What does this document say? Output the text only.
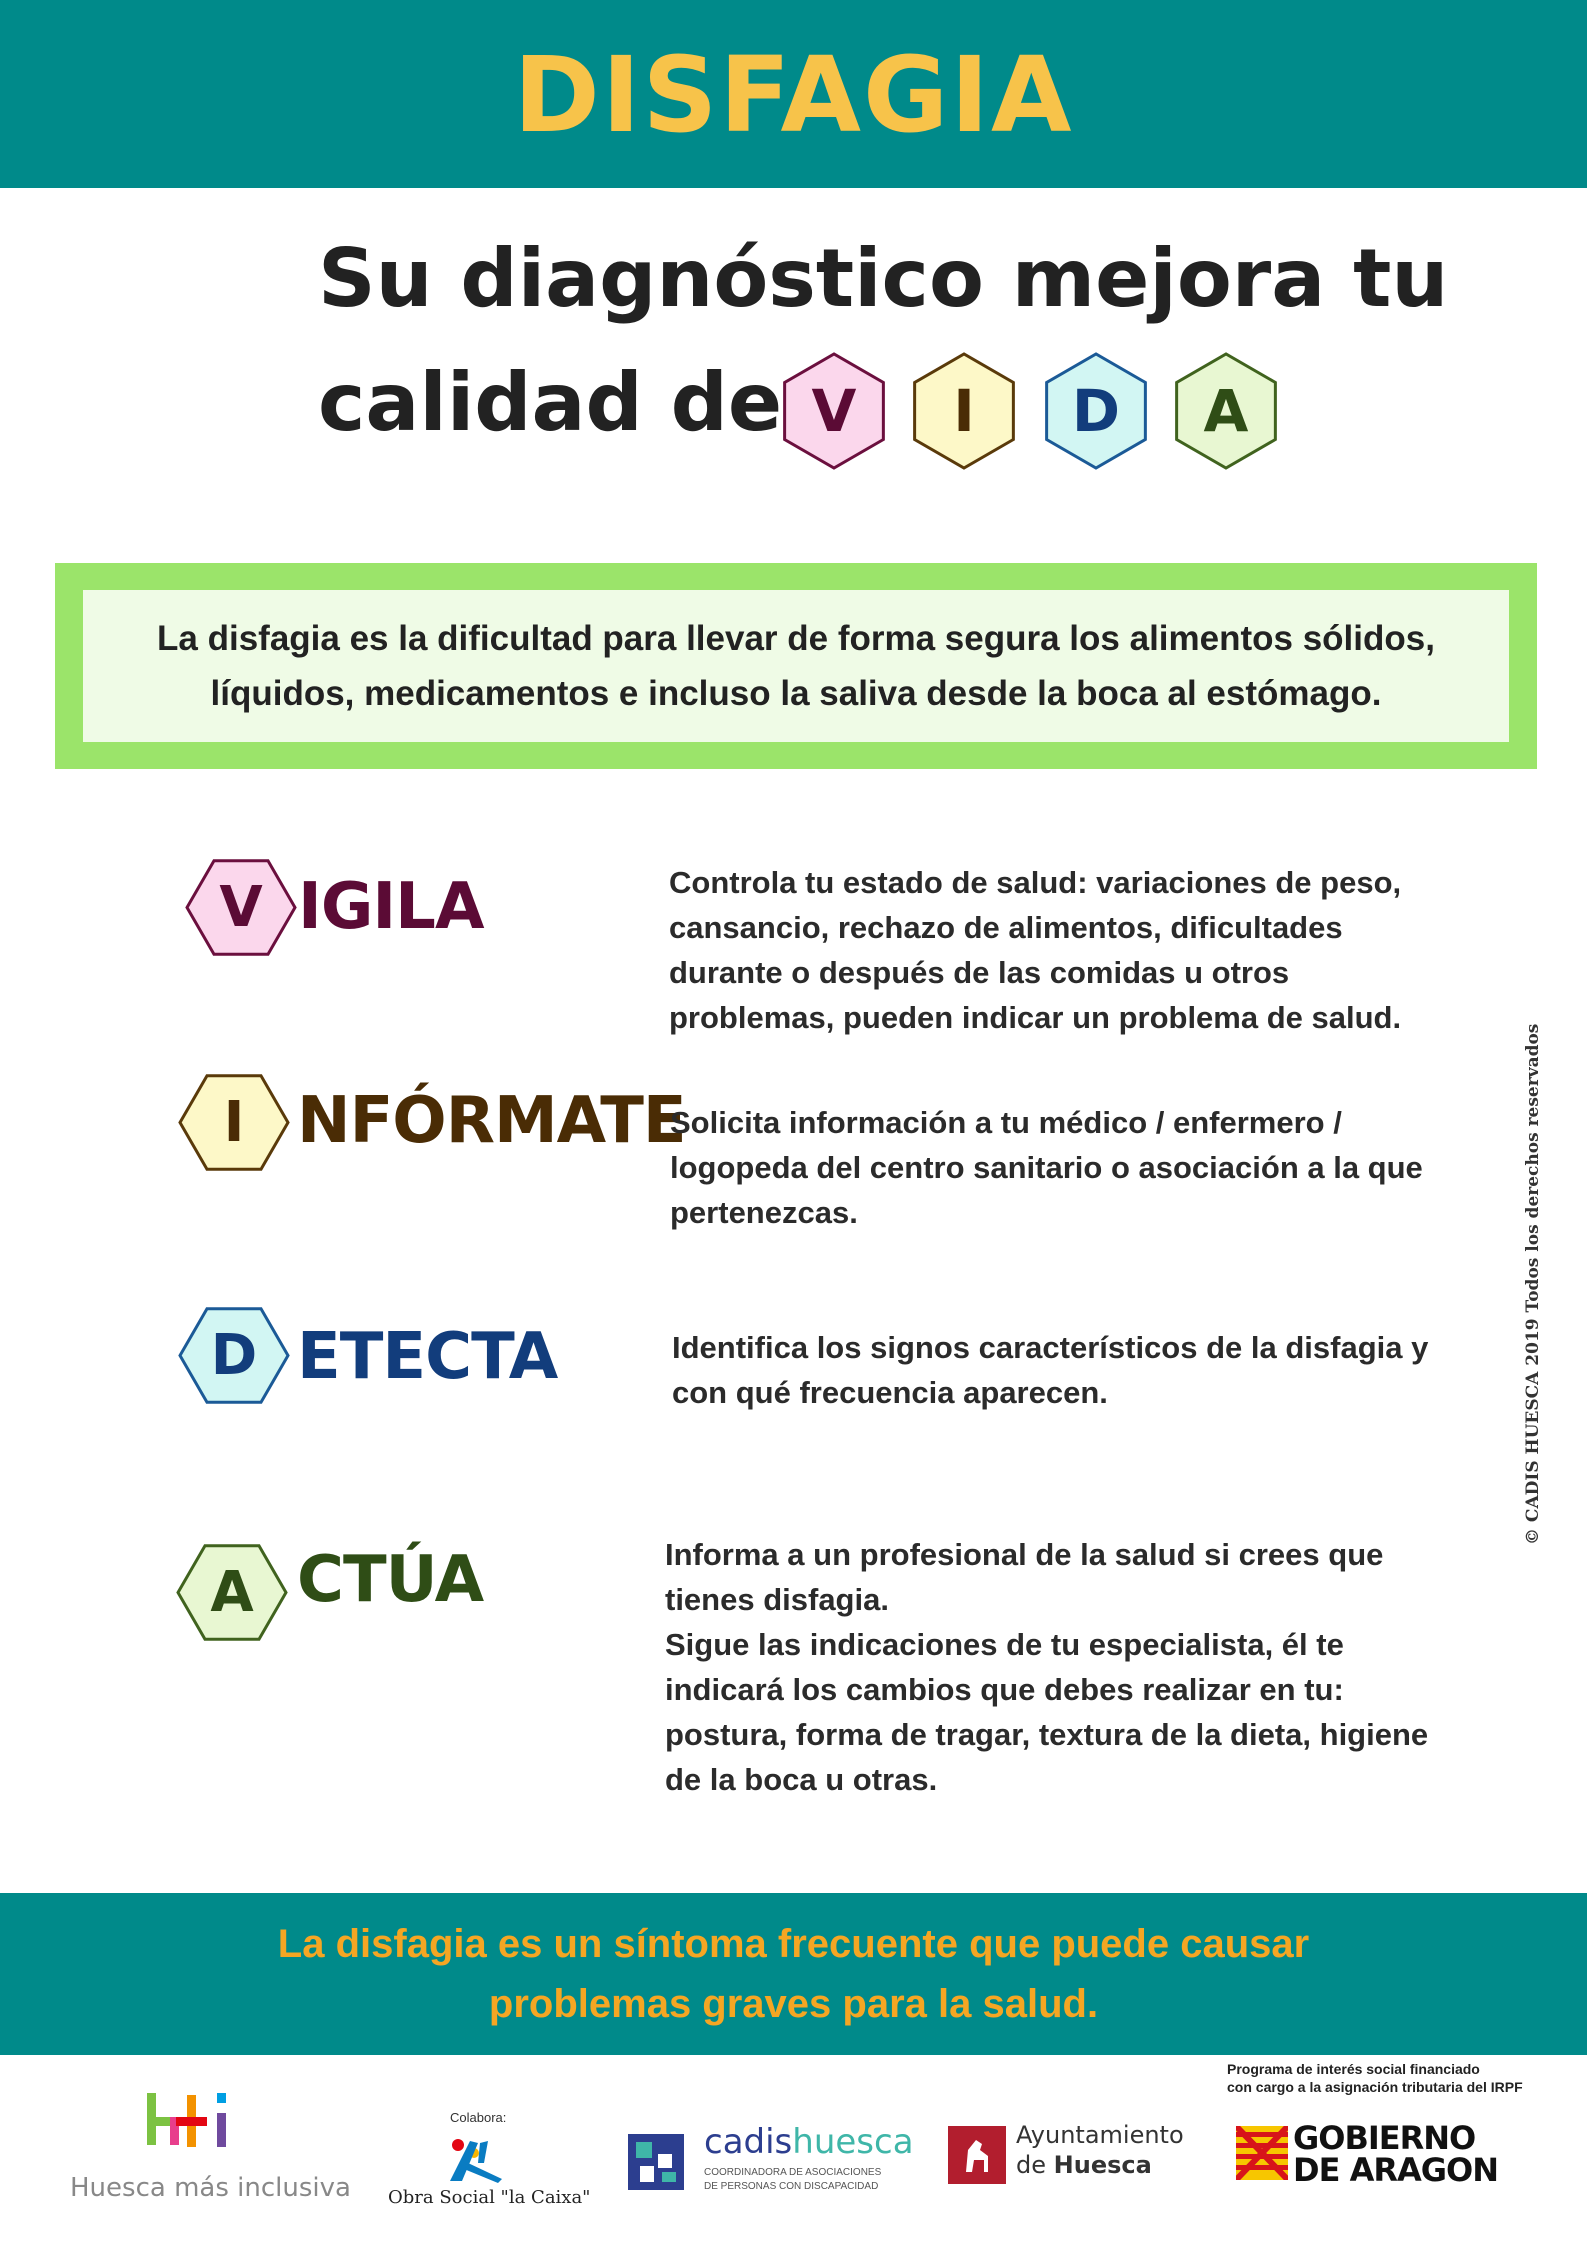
DISFAGIA
Su diagnóstico mejora tu
calidad de V	I	D	A
La disfagia es la dificultad para llevar de forma segura los alimentos sólidos, líquidos, medicamentos e incluso la saliva desde la boca al estómago.
IGILA	Controla tu estado de salud: variaciones de peso, cansancio, rechazo de alimentos, dificultades durante o después de las comidas u otros problemas, pueden indicar un problema de salud.
NFÓRMATE
Solicita información a tu médico / enfermero / logopeda del centro sanitario o asociación a la que pertenezcas.
ETECTA	Identifica los signos característicos de la disfagia y con qué frecuencia aparecen.
CTÚA	Informa a un profesional de la salud si crees que tienes disfagia.
Sigue las indicaciones de tu especialista, él te indicará los cambios que debes realizar en tu: postura, forma de tragar, textura de la dieta, higiene de la boca u otras.
V
I
D
A
© CADIS HUESCA 2019 Todos los derechos reservados
La disfagia es un síntoma frecuente que puede causar problemas graves para la salud.
Huesca más inclusiva
Colabora:
Obra Social "la Caixa"
cadishuesca
COORDINADORA DE ASOCIACIONES
DE PERSONAS CON DISCAPACIDAD
Ayuntamiento
de Huesca
Programa de interés social financiado
con cargo a la asignación tributaria del IRPF
GOBIERNO
DE ARAGON
